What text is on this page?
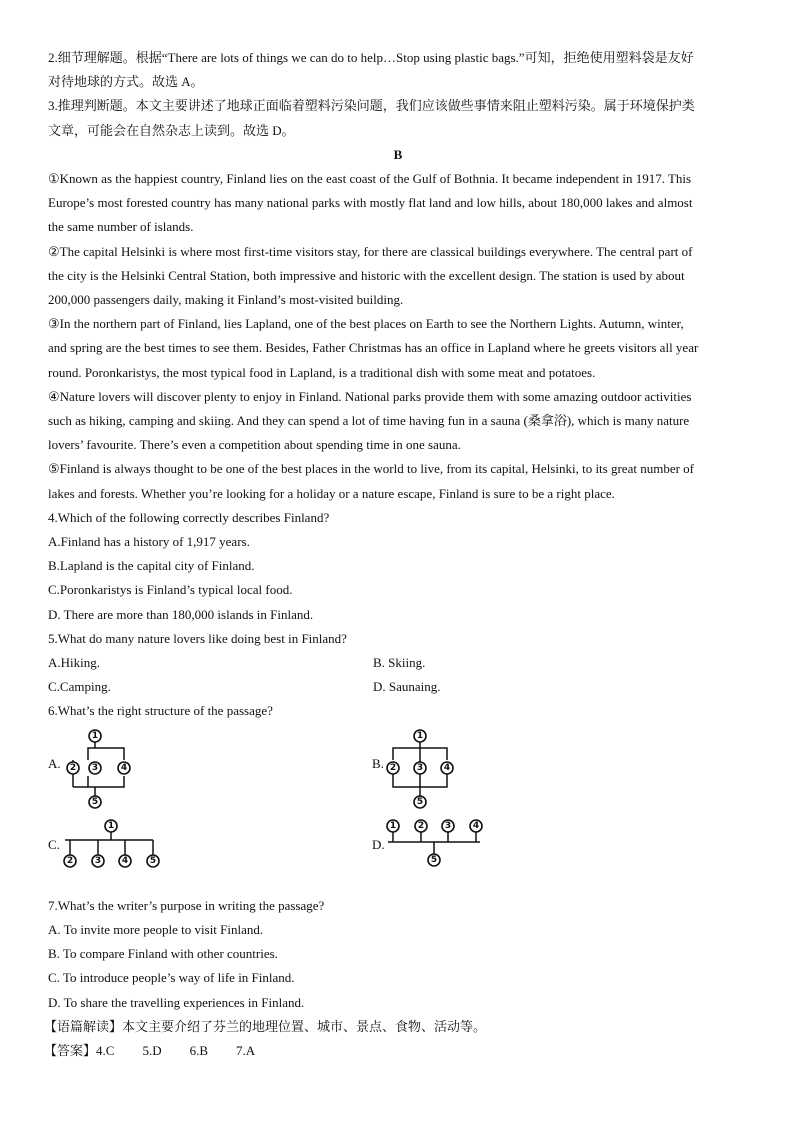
2.细节理解题。根据“There are lots of things we can do to help…Stop using plastic bags.”可知，拒绝使用塑料袋是友好
对待地球的方式。故选 A。
3.推理判断题。本文主要讲述了地球正面临着塑料污染问题，我们应该做些事情来阻止塑料污染。属于环境保护类
文章，可能会在自然杂志上读到。故选 D。
B
①Known as the happiest country, Finland lies on the east coast of the Gulf of Bothnia. It became independent in 1917. This
Europe’s most forested country has many national parks with mostly flat land and low hills, about 180,000 lakes and almost
the same number of islands.
②The capital Helsinki is where most first-time visitors stay, for there are classical buildings everywhere. The central part of
the city is the Helsinki Central Station, both impressive and historic with the excellent design. The station is used by about
200,000 passengers daily, making it Finland’s most-visited building.
③In the northern part of Finland, lies Lapland, one of the best places on Earth to see the Northern Lights. Autumn, winter,
and spring are the best times to see them. Besides, Father Christmas has an office in Lapland where he greets visitors all year
round. Poronkaristys, the most typical food in Lapland, is a traditional dish with some meat and potatoes.
④Nature lovers will discover plenty to enjoy in Finland. National parks provide them with some amazing outdoor activities
such as hiking, camping and skiing. And they can spend a lot of time having fun in a sauna (桑拿浴), which is many nature
lovers’ favourite. There’s even a competition about spending time in one sauna.
⑤Finland is always thought to be one of the best places in the world to live, from its capital, Helsinki, to its great number of
lakes and forests. Whether you’re looking for a holiday or a nature escape, Finland is sure to be a right place.
4.Which of the following correctly describes Finland?
A.Finland has a history of 1,917 years.
B.Lapland is the capital city of Finland.
C.Poronkaristys is Finland’s typical local food.
D. There are more than 180,000 islands in Finland.
5.What do many nature lovers like doing best in Finland?
A.Hiking.	B. Skiing.
C.Camping.	D. Saunaing.
6.What’s the right structure of the passage?
A.
1
2 3	4
5
B.
1
2 3 4
5
C.
1
2 3 4 5
D.
1 2 3 4
5
7.What’s the writer’s purpose in writing the passage?
A. To invite more people to visit Finland.
B. To compare Finland with other countries.
C. To introduce people’s way of life in Finland.
D. To share the travelling experiences in Finland.
【语篇解读】本文主要介绍了芬兰的地理位置、城市、景点、食物、活动等。
【答案】4.C 5.D 6.B 7.A
